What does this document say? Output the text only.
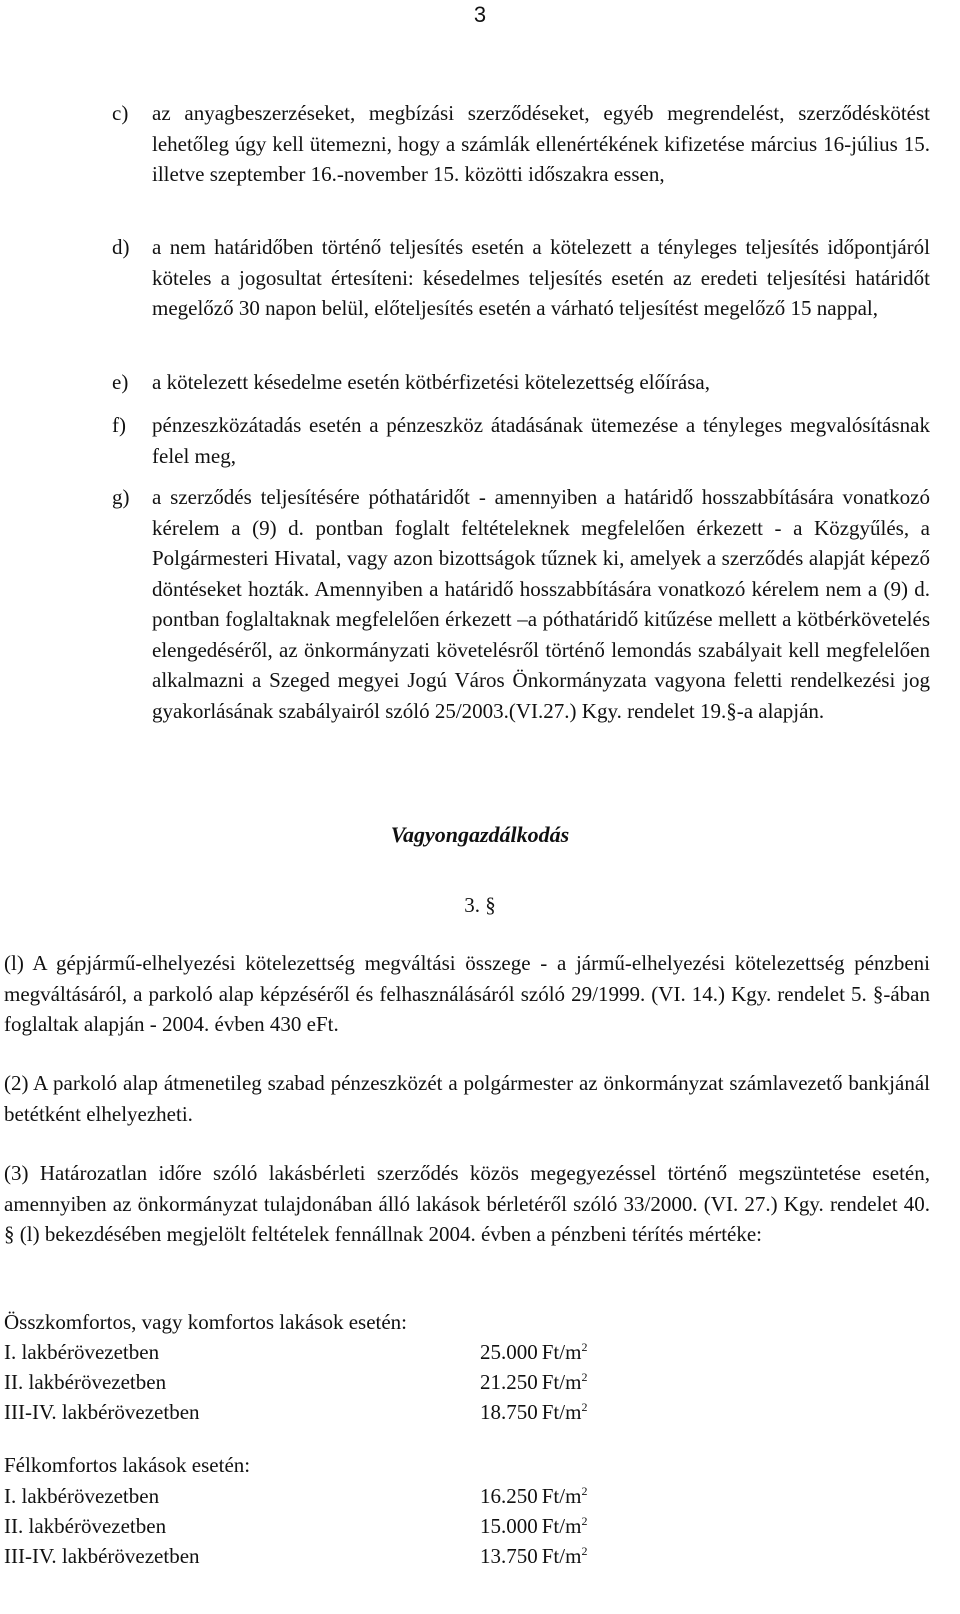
3
c) az anyagbeszerzéseket, megbízási szerződéseket, egyéb megrendelést, szerződéskötést lehetőleg úgy kell ütemezni, hogy a számlák ellenértékének kifizetése március 16-július 15. illetve szeptember 16.-november 15. közötti időszakra essen,
d) a nem határidőben történő teljesítés esetén a kötelezett a tényleges teljesítés időpontjáról köteles a jogosultat értesíteni: késedelmes teljesítés esetén az eredeti teljesítési határidőt megelőző 30 napon belül, előteljesítés esetén a várható teljesítést megelőző 15 nappal,
e) a kötelezett késedelme esetén kötbérfizetési kötelezettség előírása,
f) pénzeszközátadás esetén a pénzeszköz átadásának ütemezése a tényleges megvalósításnak felel meg,
g) a szerződés teljesítésére póthatáridőt - amennyiben a határidő hosszabbítására vonatkozó kérelem a (9) d. pontban foglalt feltételeknek megfelelően érkezett - a Közgyűlés, a Polgármesteri Hivatal, vagy azon bizottságok tűznek ki, amelyek a szerződés alapját képező döntéseket hozták. Amennyiben a határidő hosszabbítására vonatkozó kérelem nem a (9) d. pontban foglaltaknak megfelelően érkezett –a póthatáridő kitűzése mellett a kötbérkövetelés elengedéséről, az önkormányzati követelésről történő lemondás szabályait kell megfelelően alkalmazni a Szeged megyei Jogú Város Önkormányzata vagyona feletti rendelkezési jog gyakorlásának szabályairól szóló 25/2003.(VI.27.) Kgy. rendelet 19.§-a alapján.
Vagyongazdálkodás
3. §
(l) A gépjármű-elhelyezési kötelezettség megváltási összege - a jármű-elhelyezési kötelezettség pénzbeni megváltásáról, a parkoló alap képzéséről és felhasználásáról szóló 29/1999. (VI. 14.) Kgy. rendelet 5. §-ában foglaltak alapján - 2004. évben 430 eFt.
(2) A parkoló alap átmenetileg szabad pénzeszközét a polgármester az önkormányzat számlavezető bankjánál betétként elhelyezheti.
(3) Határozatlan időre szóló lakásbérleti szerződés közös megegyezéssel történő megszüntetése esetén, amennyiben az önkormányzat tulajdonában álló lakások bérletéről szóló 33/2000. (VI. 27.) Kgy. rendelet 40. § (l) bekezdésében megjelölt feltételek fennállnak 2004. évben a pénzbeni térítés mértéke:
Összkomfortos, vagy komfortos lakások esetén:
I. lakbérövezetben	25.000 $Ft/m^2$
II. lakbérövezetben	21.250 $Ft/m^2$
III-IV. lakbérövezetben	18.750 $Ft/m^2$
Félkomfortos lakások esetén:
I. lakbérövezetben	16.250 $Ft/m^2$
II. lakbérövezetben	15.000 $Ft/m^2$
III-IV. lakbérövezetben	13.750 $Ft/m^2$
